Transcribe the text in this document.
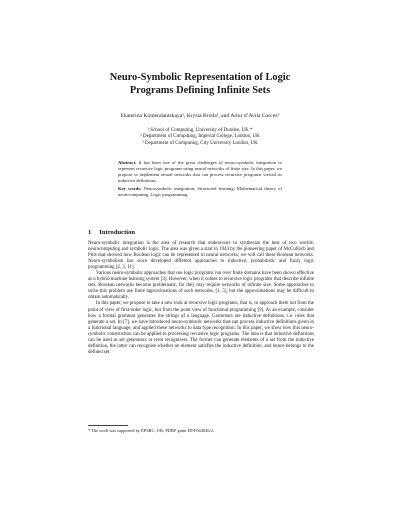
Neuro-Symbolic Representation of Logic
Programs Defining Infinite Sets
Ekaterina Komendantskaya¹, Krysia Broda², and Artur d’Avila Garcez³
¹ School of Computing, University of Dundee, UK *
² Department of Computing, Imperial College, London, UK
³ Department of Computing, City University London, UK

Abstract. It has been one of the great challenges of neuro-symbolic integration to represent recursive logic programs using neural networks of finite size. In this paper, we propose to implement neural networks that can process recursive programs viewed as inductive definitions.

Key words: Neurosymbolic integration, Structured learning, Mathematical theory of neurocomputing, Logic programming.

1 Introduction

Neuro-symbolic integration is the area of research that endeavours to synthesize the best of two worlds: neurocomputing and symbolic logic. The area was given a start in 1943 by the pioneering paper of McCulloch and Pitts that showed how Boolean logic can be represented in neural networks; we will call these Boolean networks. Neuro-symbolism has since developed different approaches to inductive, probabilistic and fuzzy logic programming [2, 3, 11].

Various neuro-symbolic approaches that use logic programs run over finite domains have been shown effective as a hybrid machine learning system [3]. However, when it comes to recursive logic programs that describe infinite sets, Boolean networks become problematic, for they may require networks of infinite size. Some approaches to solve this problem use finite approximations of such networks, [1, 5], but the approximations may be difficult to obtain automatically.

In this paper, we propose to take a new look at recursive logic programs, that is, to approach them not from the point of view of first-order logic, but from the point view of functional programming [9]. As an example, consider how a formal grammar generates the strings of a language. Grammars are inductive definitions, i.e. rules that generate a set. In [7], we have introduced neuro-symbolic networks that can process inductive definitions given in a functional language, and applied these networks to data type recognition. In this paper, we show how this neuro-symbolic construction can be applied to processing recursive logic programs. The idea is that inductive definitions can be used as set generators or term recognisers. The former can generate elements of a set from the inductive definition, the latter can recognise whether an element satisfies the inductive definition, and hence belongs to the defined set.

* The work was supported by EPSRC, UK; PDRF grant EP/F044046/2.
